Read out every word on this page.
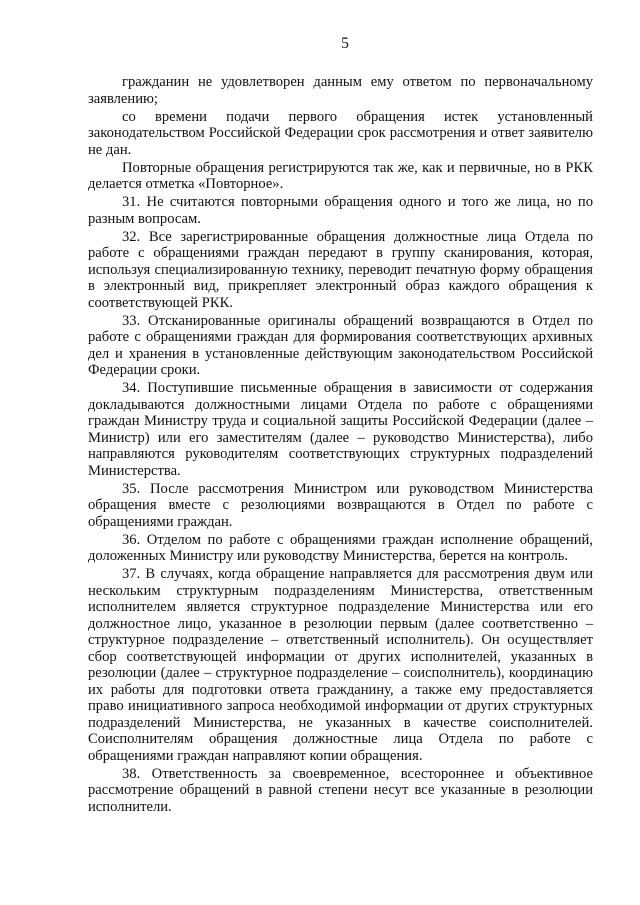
5

гражданин не удовлетворен данным ему ответом по первоначальному заявлению;

со времени подачи первого обращения истек установленный законодательством Российской Федерации срок рассмотрения и ответ заявителю не дан.

Повторные обращения регистрируются так же, как и первичные, но в РКК делается отметка «Повторное».

31. Не считаются повторными обращения одного и того же лица, но по разным вопросам.

32. Все зарегистрированные обращения должностные лица Отдела по работе с обращениями граждан передают в группу сканирования, которая, используя специализированную технику, переводит печатную форму обращения в электронный вид, прикрепляет электронный образ каждого обращения к соответствующей РКК.

33. Отсканированные оригиналы обращений возвращаются в Отдел по работе с обращениями граждан для формирования соответствующих архивных дел и хранения в установленные действующим законодательством Российской Федерации сроки.

34. Поступившие письменные обращения в зависимости от содержания докладываются должностными лицами Отдела по работе с обращениями граждан Министру труда и социальной защиты Российской Федерации (далее – Министр) или его заместителям (далее – руководство Министерства), либо направляются руководителям соответствующих структурных подразделений Министерства.

35. После рассмотрения Министром или руководством Министерства обращения вместе с резолюциями возвращаются в Отдел по работе с обращениями граждан.

36. Отделом по работе с обращениями граждан исполнение обращений, доложенных Министру или руководству Министерства, берется на контроль.

37. В случаях, когда обращение направляется для рассмотрения двум или нескольким структурным подразделениям Министерства, ответственным исполнителем является структурное подразделение Министерства или его должностное лицо, указанное в резолюции первым (далее соответственно – структурное подразделение – ответственный исполнитель). Он осуществляет сбор соответствующей информации от других исполнителей, указанных в резолюции (далее – структурное подразделение – соисполнитель), координацию их работы для подготовки ответа гражданину, а также ему предоставляется право инициативного запроса необходимой информации от других структурных подразделений Министерства, не указанных в качестве соисполнителей. Соисполнителям обращения должностные лица Отдела по работе с обращениями граждан направляют копии обращения.

38. Ответственность за своевременное, всестороннее и объективное рассмотрение обращений в равной степени несут все указанные в резолюции исполнители.
